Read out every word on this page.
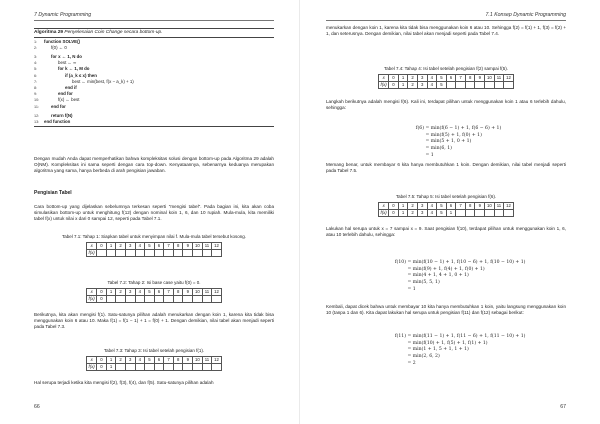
7 Dynamic Programming
Algoritma 29 Penyelesaian Coin Change secara bottom-up.
1: function SOLVE()
2:	f(0) ← 0
3:	for x ← 1, N do
4:	best ← ∞
5:	for k ← 1, M do
6:	if (a_k ≤ x) then
7:	best ← min(best, f(x − a_k) + 1)
8:	end if
9:	end for
10:	f(x) ← best
11:	end for
12:	return f(N)
13: end function

Dengan mudah Anda dapat memperhatikan bahwa kompleksitas solusi dengan bottom-up pada Algoritma 29 adalah O(NM). Kompleksitas ini sama seperti dengan cara top-down. Kenyataannya, sebenarnya keduanya merupakan algoritma yang sama, hanya berbeda di arah pengisian jawaban.

Pengisian Tabel

Cara bottom-up yang dijelaskan sebelumnya terkesan seperti "mengisi tabel". Pada bagian ini, kita akan coba simulasikan bottom-up untuk menghitung f(12) dengan nominal koin 1, 6, dan 10 rupiah. Mula-mula, kita memiliki tabel f(x) untuk nilai x dari 0 sampai 12, seperti pada Tabel 7.1.

Tabel 7.1: Tahap 1: Siapkan tabel untuk menyimpan nilai f. Mula-mula tabel tersebut kosong.
x	0	1	2	3	4	5	6	7	8	9	10	11	12
f(x)													
Tabel 7.2: Tahap 2: Isi base case yaitu f(0) = 0.
x	0	1	2	3	4	5	6	7	8	9	10	11	12
f(x)	0												

Berikutnya, kita akan mengisi f(1). Satu-satunya pilihan adalah menukarkan dengan koin 1, karena kita tidak bisa menggunakan koin 6 atau 10. Maka f(1) = f(1 − 1) + 1 = f(0) + 1. Dengan demikian, nilai tabel akan menjadi seperti pada Tabel 7.3.

Tabel 7.3: Tahap 3: Isi tabel setelah pengisian f(1).
x	0	1	2	3	4	5	6	7	8	9	10	11	12
f(x)	0	1											

Hal serupa terjadi ketika kita mengisi f(2), f(3), f(4), dan f(5). Satu-satunya pilihan adalah

66
7.1 Konsep Dynamic Programming

menukarkan dengan koin 1, karena kita tidak bisa menggunakan koin 6 atau 10. Sehingga f(2) = f(1) + 1, f(3) = f(2) + 1, dan seterusnya. Dengan demikian, nilai tabel akan menjadi seperti pada Tabel 7.4.

Tabel 7.4: Tahap 4: Isi tabel setelah pengisian f(2) sampai f(5).
x	0	1	2	3	4	5	6	7	8	9	10	11	12
f(x)	0	1	2	3	4	5							

Langkah berikutnya adalah mengisi f(6). Kali ini, terdapat pilihan untuk menggunakan koin 1 atau 6 terlebih dahulu, sehingga:

f(6) = min(f(6 − 1) + 1, f(6 − 6) + 1)
= min(f(5) + 1, f(0) + 1)
= min(5 + 1, 0 + 1)
= min(6, 1)
= 1

Memang benar, untuk membayar 6 kita hanya membutuhkan 1 koin. Dengan demikian, nilai tabel menjadi seperti pada Tabel 7.5.

Tabel 7.5: Tahap 5: Isi tabel setelah pengisian f(6).
x	0	1	2	3	4	5	6	7	8	9	10	11	12
f(x)	0	1	2	3	4	5	1						

Lakukan hal serupa untuk x = 7 sampai x = 9. Saat pengisian f(10), terdapat pilihan untuk menggunakan koin 1, 6, atau 10 terlebih dahulu, sehingga:

f(10) = min(f(10 − 1) + 1, f(10 − 6) + 1, f(10 − 10) + 1)
= min(f(9) + 1, f(4) + 1, f(0) + 1)
= min(4 + 1, 4 + 1, 0 + 1)
= min(5, 5, 1)
= 1

Kembali, dapat dicek bahwa untuk membayar 10 kita hanya membutuhkan 1 koin, yaitu langsung menggunakan koin 10 (tanpa 1 dan 6). Kita dapat lakukan hal serupa untuk pengisian f(11) dan f(12) sebagai berikut:

f(11) = min(f(11 − 1) + 1, f(11 − 6) + 1, f(11 − 10) + 1)
= min(f(10) + 1, f(5) + 1, f(1) + 1)
= min(1 + 1, 5 + 1, 1 + 1)
= min(2, 6, 2)
= 2
67
